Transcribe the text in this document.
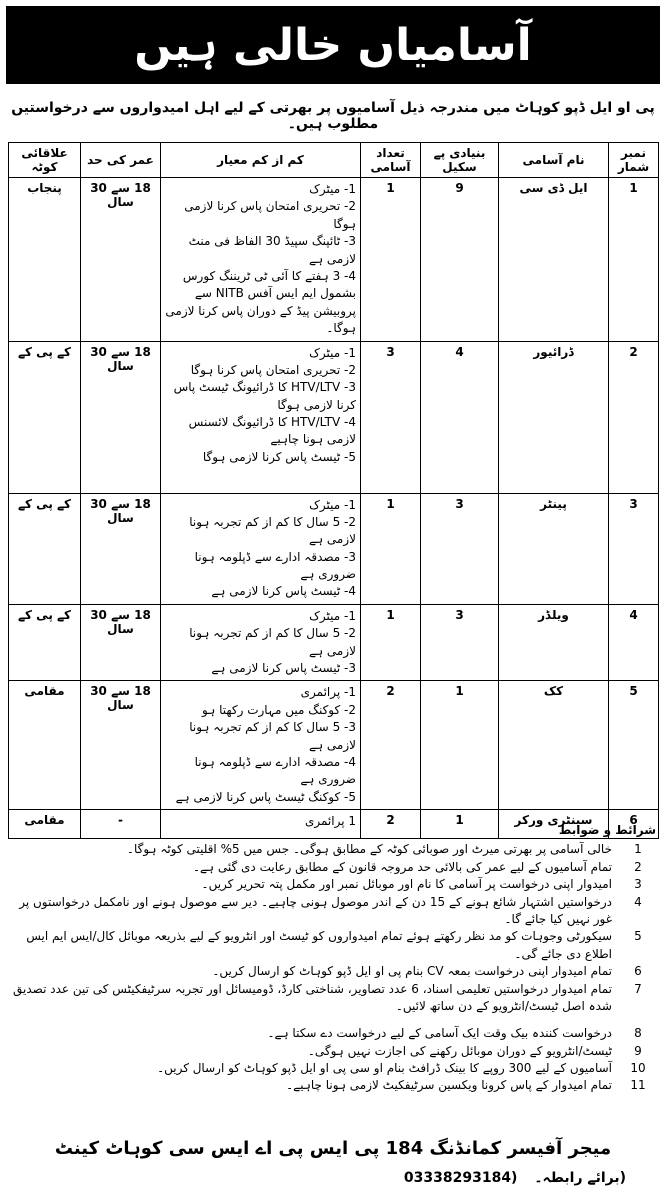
آسامیاں خالی ہیں
پی او ایل ڈپو کوہاٹ میں مندرجہ ذیل آسامیوں پر بھرتی کے لیے اہل امیدواروں سے درخواستیں مطلوب ہیں۔
نمبر شمار	نام آسامی	بنیادی پے سکیل	تعداد آسامی	کم از کم معیار	عمر کی حد	علاقائی کوٹہ
1	ایل ڈی سی	9	1	1- میٹرک
2- تحریری امتحان پاس کرنا لازمی ہوگا
3- ٹائپنگ سپیڈ 30 الفاظ فی منٹ لازمی ہے
4- 3 ہفتے کا آئی ٹی ٹریننگ کورس بشمول ایم ایس آفس NITB سے پروبیشن پیڈ کے دوران پاس کرنا لازمی ہوگا۔	18 سے 30 سال	پنجاب
2	ڈرائیور	4	3	1- میٹرک
2- تحریری امتحان پاس کرنا ہوگا
3- HTV/LTV کا ڈرائیونگ ٹیسٹ پاس کرنا لازمی ہوگا
4- HTV/LTV کا ڈرائیونگ لائسنس لازمی ہونا چاہیے
5- ٹیسٹ پاس کرنا لازمی ہوگا	18 سے 30 سال	کے پی کے
3	پینٹر	3	1	1- میٹرک
2- 5 سال کا کم از کم تجربہ ہونا لازمی ہے
3- مصدقہ ادارے سے ڈپلومہ ہونا ضروری ہے
4- ٹیسٹ پاس کرنا لازمی ہے	18 سے 30 سال	کے پی کے
4	ویلڈر	3	1	1- میٹرک
2- 5 سال کا کم از کم تجربہ ہونا لازمی ہے
3- ٹیسٹ پاس کرنا لازمی ہے	18 سے 30 سال	کے پی کے
5	کک	1	2	1- پرائمری
2- کوکنگ میں مہارت رکھتا ہو
3- 5 سال کا کم از کم تجربہ ہونا لازمی ہے
4- مصدقہ ادارے سے ڈپلومہ ہونا ضروری ہے
5- کوکنگ ٹیسٹ پاس کرنا لازمی ہے	18 سے 30 سال	مقامی
6	سینٹری ورکر	1	2	1 پرائمری	-	مقامی
شرائط و ضوابط
1
خالی آسامی پر بھرتی میرٹ اور صوبائی کوٹہ کے مطابق ہوگی۔ جس میں 5% اقلیتی کوٹہ ہوگا۔
2
تمام آسامیوں کے لیے عمر کی بالائی حد مروجہ قانون کے مطابق رعایت دی گئی ہے۔
3
امیدوار اپنی درخواست پر آسامی کا نام اور موبائل نمبر اور مکمل پتہ تحریر کریں۔
4
درخواستیں اشتہار شائع ہونے کے 15 دن کے اندر موصول ہونی چاہیے۔ دیر سے موصول ہونے اور نامکمل درخواستوں پر غور نہیں کیا جائے گا۔
5
سیکورٹی وجوہات کو مد نظر رکھتے ہوئے تمام امیدواروں کو ٹیسٹ اور انٹرویو کے لیے بذریعہ موبائل کال/ایس ایم ایس اطلاع دی جائے گی۔
6
تمام امیدوار اپنی درخواست بمعہ CV بنام پی او ایل ڈپو کوہاٹ کو ارسال کریں۔
7
تمام امیدوار درخواستیں تعلیمی اسناد، 6 عدد تصاویر، شناختی کارڈ، ڈومیسائل اور تجربہ سرٹیفکیٹس کی تین عدد تصدیق شدہ اصل ٹیسٹ/انٹرویو کے دن ساتھ لائیں۔
8
درخواست کنندہ بیک وقت ایک آسامی کے لیے درخواست دے سکتا ہے۔
9
ٹیسٹ/انٹرویو کے دوران موبائل رکھنے کی اجازت نہیں ہوگی۔
10
آسامیوں کے لیے 300 روپے کا بینک ڈرافٹ بنام او سی پی او ایل ڈپو کوہاٹ کو ارسال کریں۔
11
تمام امیدوار کے پاس کرونا ویکسین سرٹیفکیٹ لازمی ہونا چاہیے۔
میجر آفیسر کمانڈنگ 184 پی ایس پی اے ایس سی کوہاٹ کینٹ
(برائے رابطہ۔ 03338293184)
